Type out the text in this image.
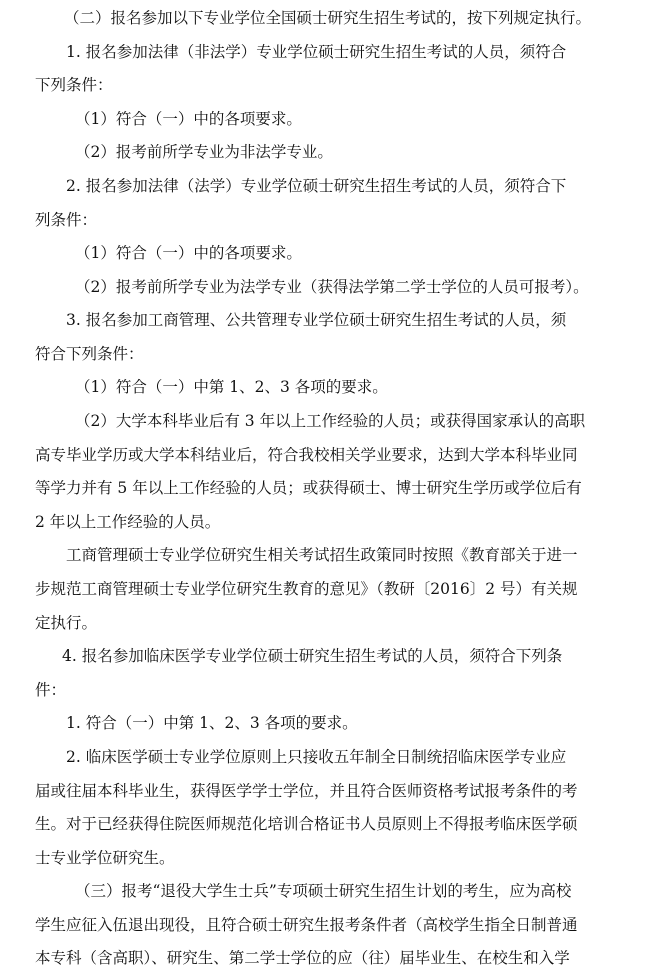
（二）报名参加以下专业学位全国硕士研究生招生考试的，按下列规定执行。
1. 报名参加法律（非法学）专业学位硕士研究生招生考试的人员，须符合
下列条件：
（1）符合（一）中的各项要求。
（2）报考前所学专业为非法学专业。
2. 报名参加法律（法学）专业学位硕士研究生招生考试的人员，须符合下
列条件：
（1）符合（一）中的各项要求。
（2）报考前所学专业为法学专业（获得法学第二学士学位的人员可报考）。
3. 报名参加工商管理、公共管理专业学位硕士研究生招生考试的人员，须
符合下列条件：
（1）符合（一）中第 1、2、3 各项的要求。
（2）大学本科毕业后有 3 年以上工作经验的人员；或获得国家承认的高职
高专毕业学历或大学本科结业后，符合我校相关学业要求，达到大学本科毕业同
等学力并有 5 年以上工作经验的人员；或获得硕士、博士研究生学历或学位后有
2 年以上工作经验的人员。
工商管理硕士专业学位研究生相关考试招生政策同时按照《教育部关于进一
步规范工商管理硕士专业学位研究生教育的意见》（教研〔2016〕2 号）有关规
定执行。
4. 报名参加临床医学专业学位硕士研究生招生考试的人员，须符合下列条
件：
1. 符合（一）中第 1、2、3 各项的要求。
2. 临床医学硕士专业学位原则上只接收五年制全日制统招临床医学专业应
届或往届本科毕业生，获得医学学士学位，并且符合医师资格考试报考条件的考
生。对于已经获得住院医师规范化培训合格证书人员原则上不得报考临床医学硕
士专业学位研究生。
（三）报考“退役大学生士兵”专项硕士研究生招生计划的考生，应为高校
学生应征入伍退出现役，且符合硕士研究生报考条件者（高校学生指全日制普通
本专科（含高职）、研究生、第二学士学位的应（往）届毕业生、在校生和入学
